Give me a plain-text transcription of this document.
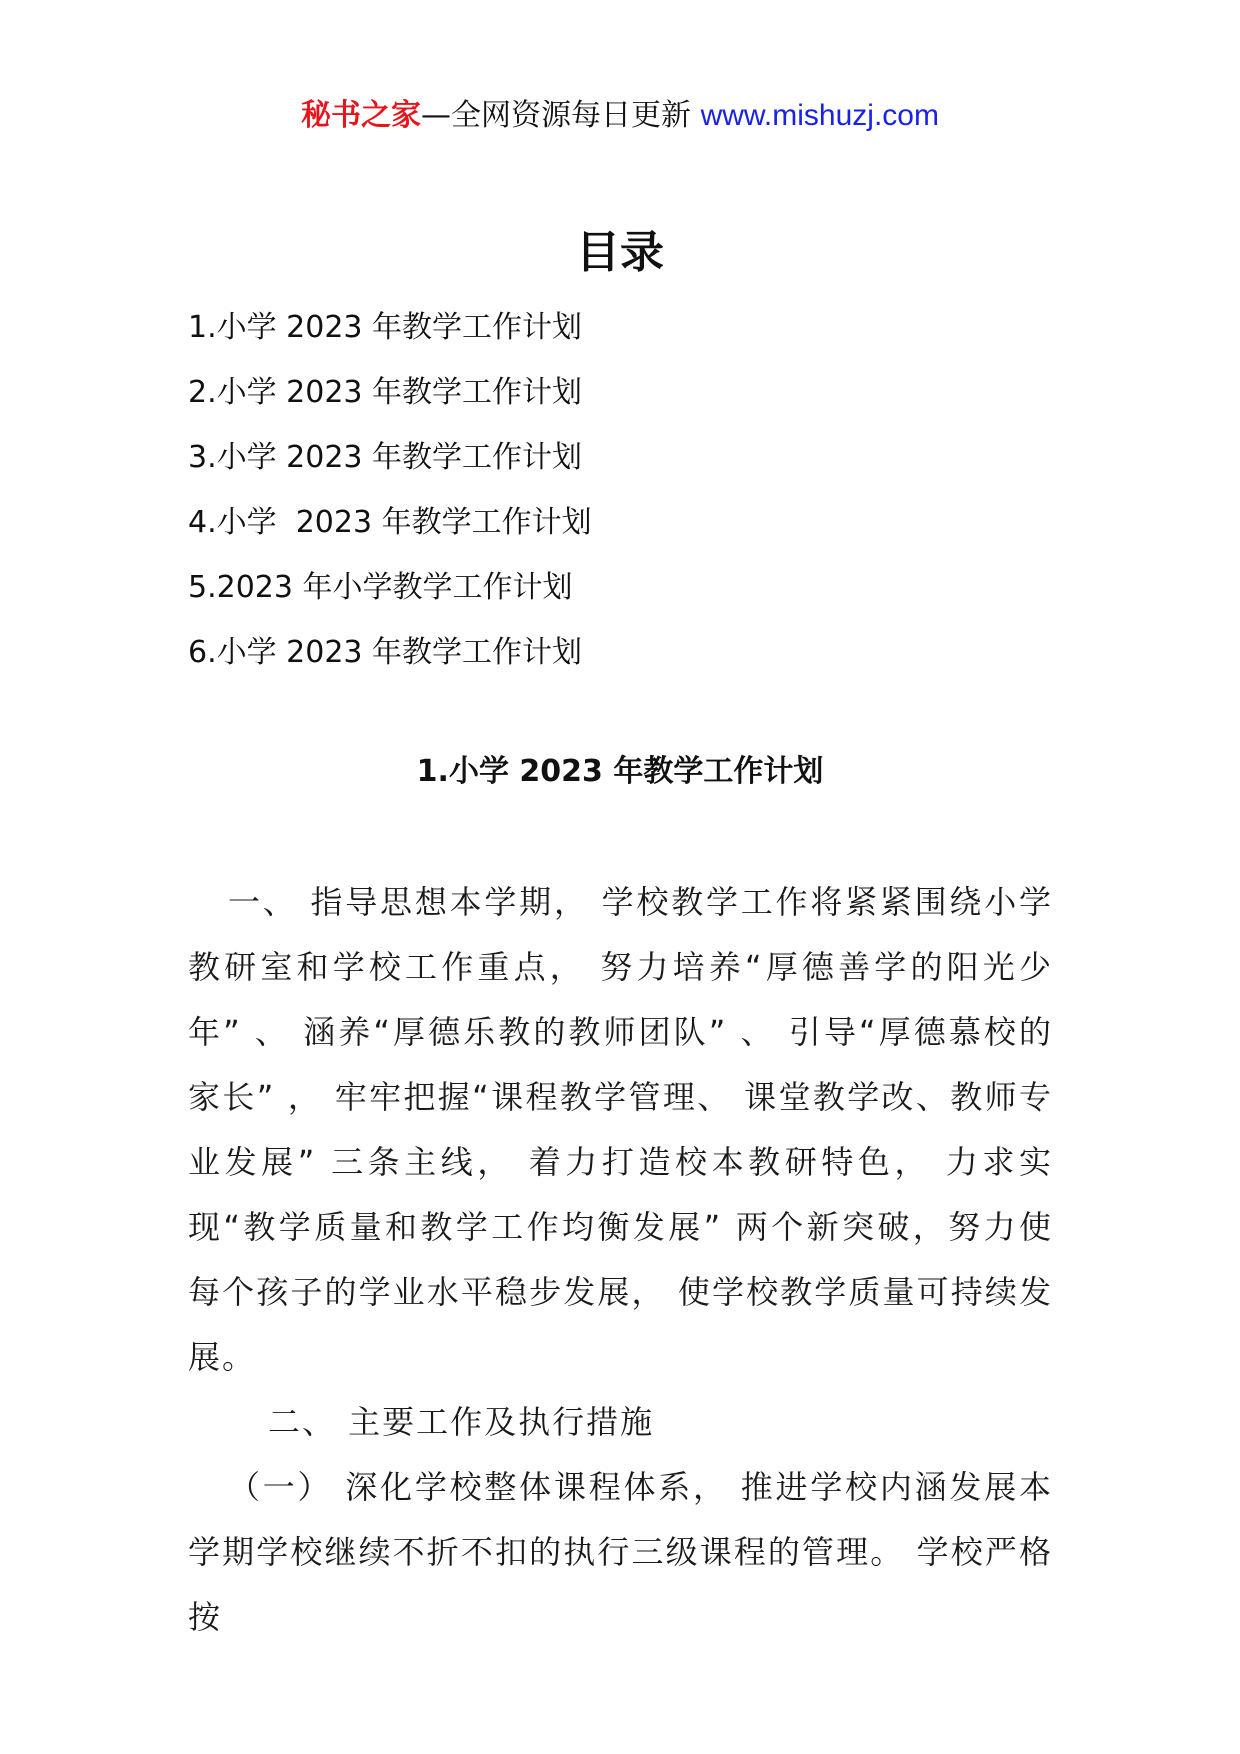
秘书之家—全网资源每日更新 www.mishuzj.com
目录
1.小学 2023 年教学工作计划
2.小学 2023 年教学工作计划
3.小学 2023 年教学工作计划
4.小学  2023 年教学工作计划
5.2023 年小学教学工作计划
6.小学 2023 年教学工作计划
1.小学 2023 年教学工作计划

一、 指导思想本学期， 学校教学工作将紧紧围绕小学教研室和学校工作重点， 努力培养“厚德善学的阳光少年” 、 涵养“厚德乐教的教师团队” 、 引导“厚德慕校的家长” ， 牢牢把握“课程教学管理、 课堂教学改、教师专业发展” 三条主线， 着力打造校本教研特色， 力求实现“教学质量和教学工作均衡发展” 两个新突破，努力使每个孩子的学业水平稳步发展， 使学校教学质量可持续发展。

二、 主要工作及执行措施

（一） 深化学校整体课程体系， 推进学校内涵发展本学期学校继续不折不扣的执行三级课程的管理。 学校严格按
